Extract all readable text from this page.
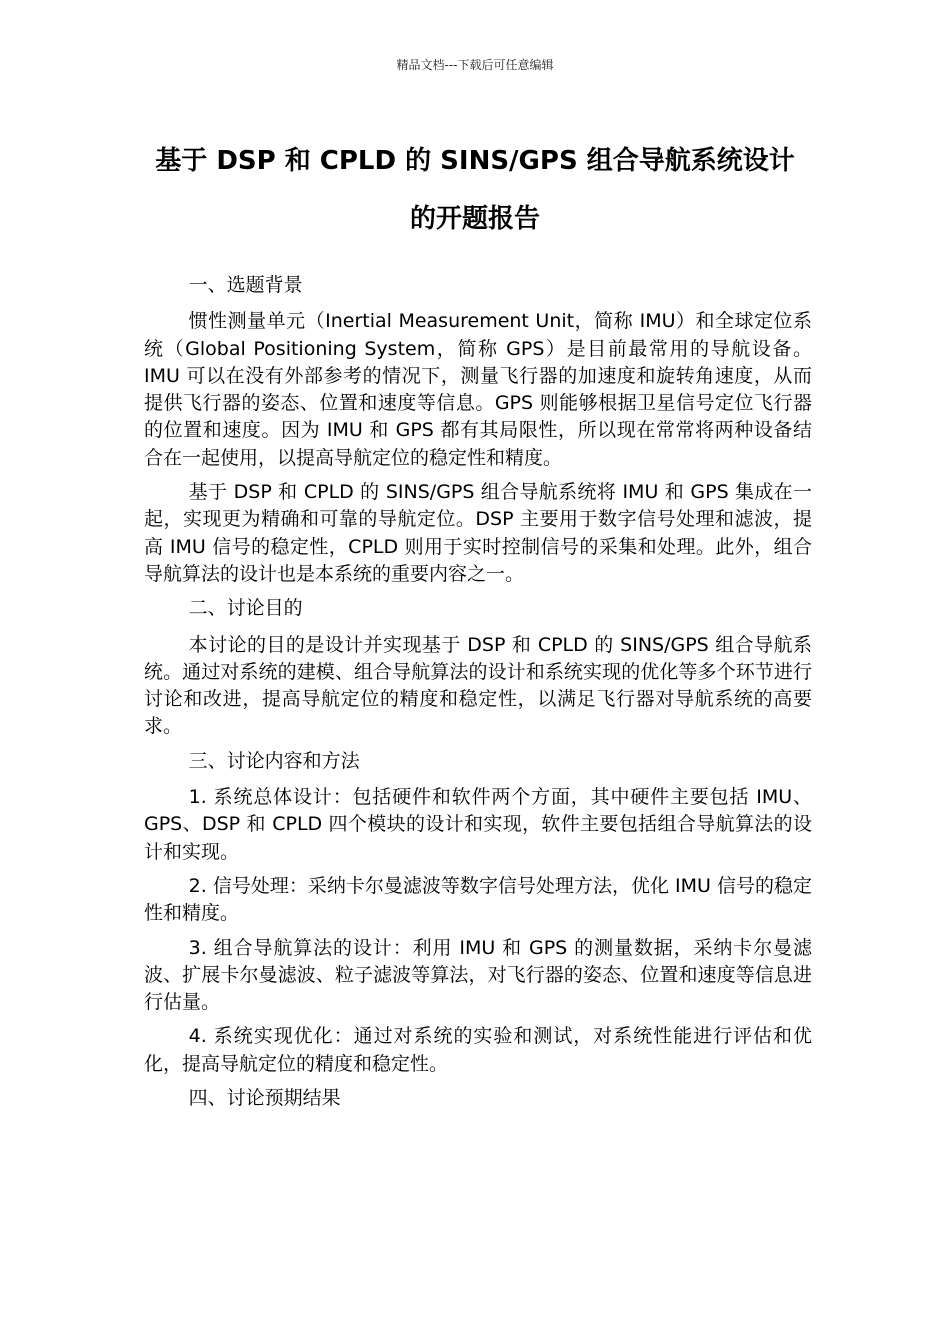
精品文档---下载后可任意编辑
基于 DSP 和 CPLD 的 SINS/GPS 组合导航系统设计
的开题报告

一、选题背景

惯性测量单元（Inertial Measurement Unit，简称 IMU）和全球定位系统（Global Positioning System，简称 GPS）是目前最常用的导航设备。IMU 可以在没有外部参考的情况下，测量飞行器的加速度和旋转角速度，从而提供飞行器的姿态、位置和速度等信息。GPS 则能够根据卫星信号定位飞行器的位置和速度。因为 IMU 和 GPS 都有其局限性，所以现在常常将两种设备结合在一起使用，以提高导航定位的稳定性和精度。

基于 DSP 和 CPLD 的 SINS/GPS 组合导航系统将 IMU 和 GPS 集成在一起，实现更为精确和可靠的导航定位。DSP 主要用于数字信号处理和滤波，提高 IMU 信号的稳定性，CPLD 则用于实时控制信号的采集和处理。此外，组合导航算法的设计也是本系统的重要内容之一。

二、讨论目的

本讨论的目的是设计并实现基于 DSP 和 CPLD 的 SINS/GPS 组合导航系统。通过对系统的建模、组合导航算法的设计和系统实现的优化等多个环节进行讨论和改进，提高导航定位的精度和稳定性，以满足飞行器对导航系统的高要求。

三、讨论内容和方法

1. 系统总体设计：包括硬件和软件两个方面，其中硬件主要包括 IMU、GPS、DSP 和 CPLD 四个模块的设计和实现，软件主要包括组合导航算法的设计和实现。

2. 信号处理：采纳卡尔曼滤波等数字信号处理方法，优化 IMU 信号的稳定性和精度。

3. 组合导航算法的设计：利用 IMU 和 GPS 的测量数据，采纳卡尔曼滤波、扩展卡尔曼滤波、粒子滤波等算法，对飞行器的姿态、位置和速度等信息进行估量。

4. 系统实现优化：通过对系统的实验和测试，对系统性能进行评估和优化，提高导航定位的精度和稳定性。

四、讨论预期结果
